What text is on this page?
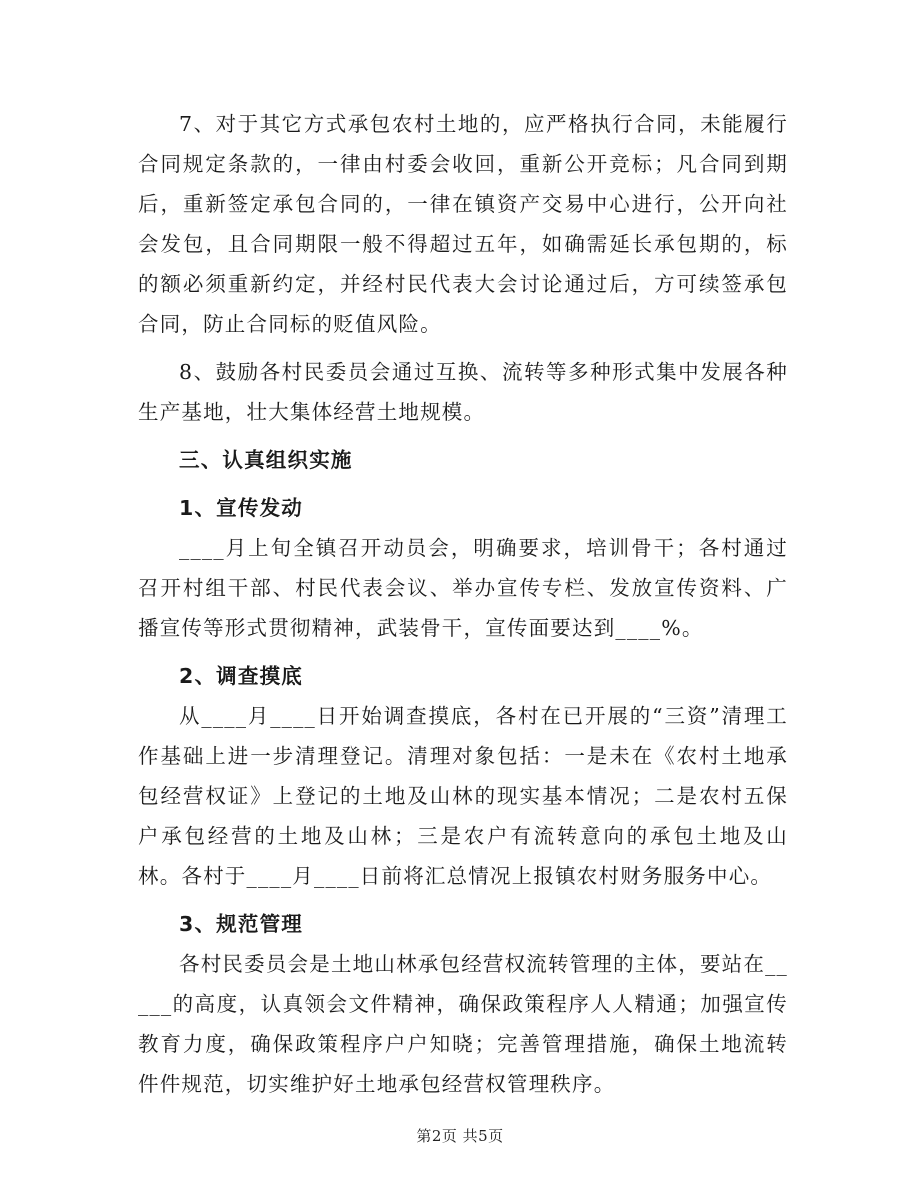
7、对于其它方式承包农村土地的，应严格执行合同，未能履行合同规定条款的，一律由村委会收回，重新公开竞标；凡合同到期后，重新签定承包合同的，一律在镇资产交易中心进行，公开向社会发包，且合同期限一般不得超过五年，如确需延长承包期的，标的额必须重新约定，并经村民代表大会讨论通过后，方可续签承包合同，防止合同标的贬值风险。

8、鼓励各村民委员会通过互换、流转等多种形式集中发展各种生产基地，壮大集体经营土地规模。

三、认真组织实施

1、宣传发动

____月上旬全镇召开动员会，明确要求，培训骨干；各村通过召开村组干部、村民代表会议、举办宣传专栏、发放宣传资料、广播宣传等形式贯彻精神，武装骨干，宣传面要达到____%。

2、调查摸底

从____月____日开始调查摸底，各村在已开展的“三资”清理工作基础上进一步清理登记。清理对象包括：一是未在《农村土地承包经营权证》上登记的土地及山林的现实基本情况；二是农村五保户承包经营的土地及山林；三是农户有流转意向的承包土地及山林。各村于____月____日前将汇总情况上报镇农村财务服务中心。

3、规范管理

各村民委员会是土地山林承包经营权流转管理的主体，要站在_____的高度，认真领会文件精神，确保政策程序人人精通；加强宣传教育力度，确保政策程序户户知晓；完善管理措施，确保土地流转件件规范，切实维护好土地承包经营权管理秩序。

第2页 共5页
